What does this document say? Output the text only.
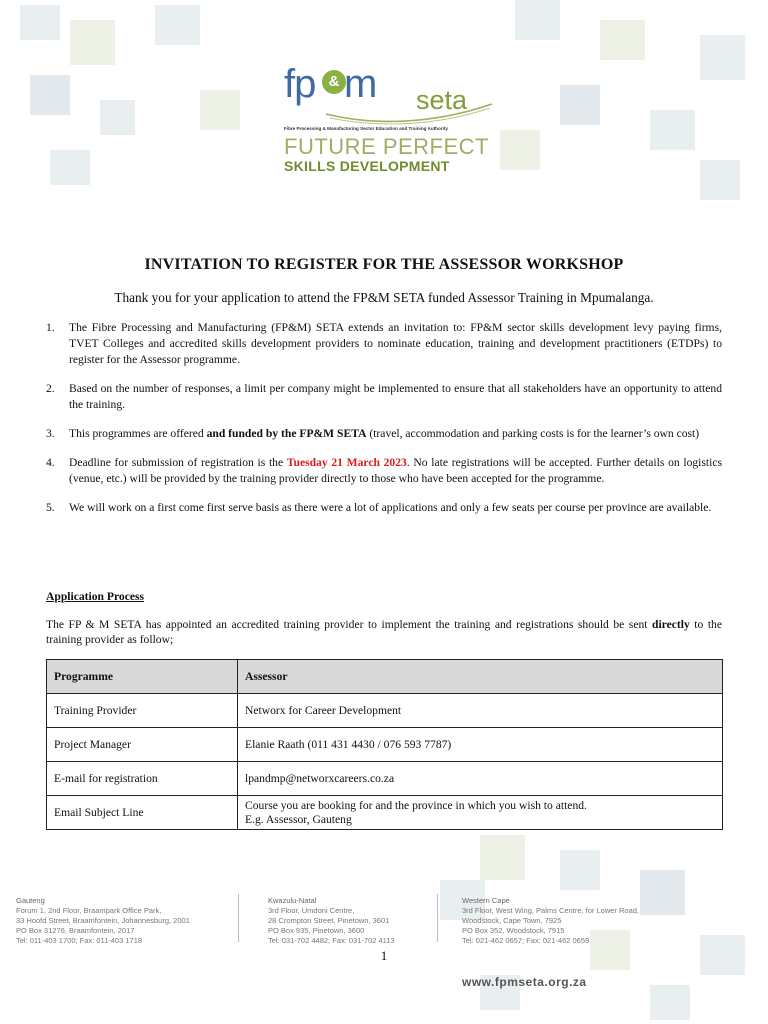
fp & m seta
Fibre Processing & Manufacturing Sector Education and Training Authority
FUTURE PERFECT
SKILLS DEVELOPMENT
INVITATION TO REGISTER FOR THE ASSESSOR WORKSHOP
Thank you for your application to attend the FP&M SETA funded Assessor Training in Mpumalanga.
1. The Fibre Processing and Manufacturing (FP&M) SETA extends an invitation to: FP&M sector skills development levy paying firms, TVET Colleges and accredited skills development providers to nominate education, training and development practitioners (ETDPs) to register for the Assessor programme.
2. Based on the number of responses, a limit per company might be implemented to ensure that all stakeholders have an opportunity to attend the training.
3. This programmes are offered and funded by the FP&M SETA (travel, accommodation and parking costs is for the learner’s own cost)
4. Deadline for submission of registration is the Tuesday 21 March 2023. No late registrations will be accepted. Further details on logistics (venue, etc.) will be provided by the training provider directly to those who have been accepted for the programme.
5. We will work on a first come first serve basis as there were a lot of applications and only a few seats per course per province are available.
Application Process
The FP & M SETA has appointed an accredited training provider to implement the training and registrations should be sent directly to the training provider as follow;
Programme	Assessor
Training Provider	Networx for Career Development
Project Manager	Elanie Raath (011 431 4430 / 076 593 7787)
E-mail for registration	lpandmp@networxcareers.co.za
Email Subject Line	Course you are booking for and the province in which you wish to attend.
E.g. Assessor, Gauteng
Gauteng
Forum 1, 2nd Floor, Braampark Office Park,
33 Hoofd Street, Braamfontein, Johannesburg, 2001
PO Box 31276, Braamfontein, 2017
Tel: 011-403 1700; Fax: 011-403 1718
Kwazulu-Natal
3rd Floor, Umdoni Centre,
28 Crompton Street, Pinetown, 3601
PO Box 935, Pinetown, 3600
Tel: 031-702 4482; Fax: 031-702 4113
Western Cape
3rd Floor, West Wing, Palms Centre, for Lower Road,
Woodstock, Cape Town, 7925
PO Box 352, Woodstock, 7915
Tel: 021-462 0657; Fax: 021-462 0659
1
www.fpmseta.org.za
